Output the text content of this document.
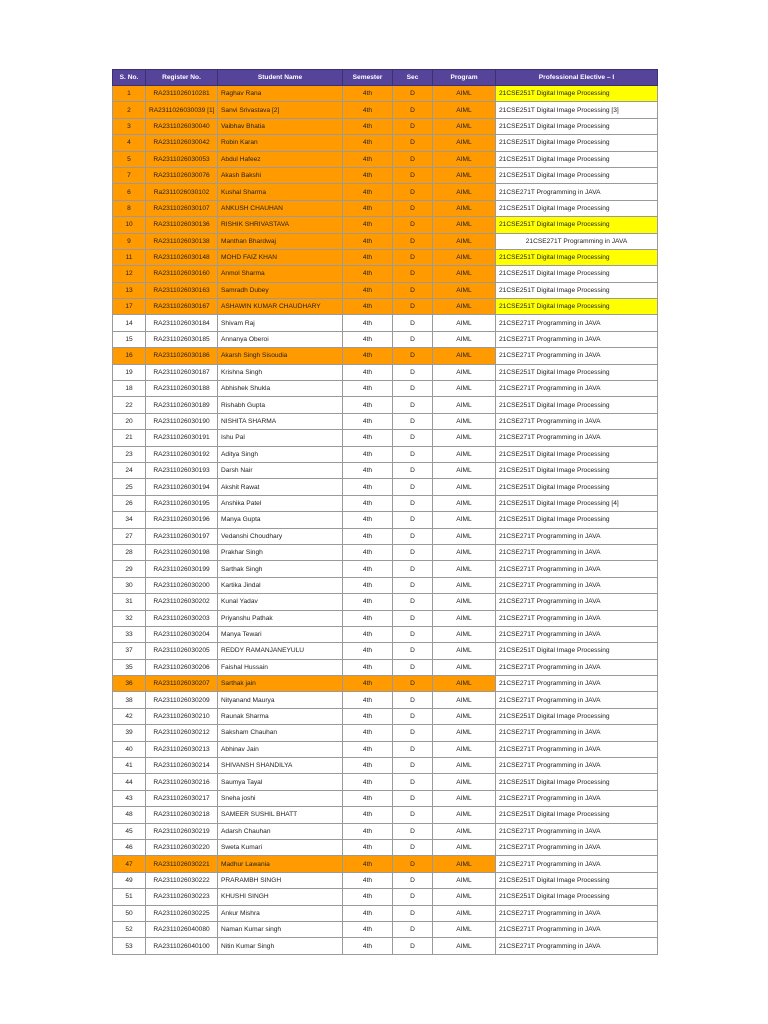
S. No.	Register No.	Student Name	Semester	Sec	Program	Professional Elective – I
1	RA2311026010281	Raghav Rana	4th	D	AIML	21CSE251T Digital Image Processing
2	RA2311026030039 [1]	Sanvi Srivastava [2]	4th	D	AIML	21CSE251T Digital Image Processing [3]
3	RA2311026030040	Vaibhav Bhatia	4th	D	AIML	21CSE251T Digital Image Processing
4	RA2311026030042	Robin Karan	4th	D	AIML	21CSE251T Digital Image Processing
5	RA2311026030053	Abdul Hafeez	4th	D	AIML	21CSE251T Digital Image Processing
7	RA2311026030076	Akash Bakshi	4th	D	AIML	21CSE251T Digital Image Processing
6	Ra2311026030102	Kushal Sharma	4th	D	AIML	21CSE271T Programming in JAVA
8	RA2311026030107	ANKUSH CHAUHAN	4th	D	AIML	21CSE251T Digital Image Processing
10	RA2311026030136	RISHIK SHRIVASTAVA	4th	D	AIML	21CSE251T Digital Image Processing
9	RA2311026030138	Manthan Bhardwaj	4th	D	AIML	21CSE271T Programming in JAVA
11	RA2311026030148	MOHD FAIZ KHAN	4th	D	AIML	21CSE251T Digital Image Processing
12	RA2311026030160	Anmol Sharma	4th	D	AIML	21CSE251T Digital Image Processing
13	RA2311026030163	Samradh Dubey	4th	D	AIML	21CSE251T Digital Image Processing
17	RA2311026030167	ASHAWIN KUMAR CHAUDHARY	4th	D	AIML	21CSE251T Digital Image Processing
14	RA2311026030184	Shivam Raj	4th	D	AIML	21CSE271T Programming in JAVA
15	RA2311026030185	Annanya Oberoi	4th	D	AIML	21CSE271T Programming in JAVA
16	RA2311026030186	Akarsh Singh Sisoudia	4th	D	AIML	21CSE271T Programming in JAVA
19	RA2311026030187	Krishna Singh	4th	D	AIML	21CSE251T Digital Image Processing
18	RA2311026030188	Abhishek Shukla	4th	D	AIML	21CSE271T Programming in JAVA
22	RA2311026030189	Rishabh Gupta	4th	D	AIML	21CSE251T Digital Image Processing
20	RA2311026030190	NISHITA SHARMA	4th	D	AIML	21CSE271T Programming in JAVA
21	RA2311026030191	Ishu Pal	4th	D	AIML	21CSE271T Programming in JAVA
23	RA2311026030192	Aditya Singh	4th	D	AIML	21CSE251T Digital Image Processing
24	RA2311026030193	Darsh Nair	4th	D	AIML	21CSE251T Digital Image Processing
25	RA2311026030194	Akshit Rawat	4th	D	AIML	21CSE251T Digital Image Processing
26	RA2311026030195	Anshika Patel	4th	D	AIML	21CSE251T Digital Image Processing [4]
34	RA2311026030196	Manya Gupta	4th	D	AIML	21CSE251T Digital Image Processing
27	RA2311026030197	Vedanshi Choudhary	4th	D	AIML	21CSE271T Programming in JAVA
28	RA2311026030198	Prakhar Singh	4th	D	AIML	21CSE271T Programming in JAVA
29	RA2311026030199	Sarthak Singh	4th	D	AIML	21CSE271T Programming in JAVA
30	RA2311026030200	Kartika Jindal	4th	D	AIML	21CSE271T Programming in JAVA
31	RA2311026030202	Kunal Yadav	4th	D	AIML	21CSE271T Programming in JAVA
32	RA2311026030203	Priyanshu Pathak	4th	D	AIML	21CSE271T Programming in JAVA
33	RA2311026030204	Manya Tewari	4th	D	AIML	21CSE271T Programming in JAVA
37	RA2311026030205	REDDY RAMANJANEYULU	4th	D	AIML	21CSE251T Digital Image Processing
35	RA2311026030206	Faishal Hussain	4th	D	AIML	21CSE271T Programming in JAVA
36	RA2311026030207	Sarthak jain	4th	D	AIML	21CSE271T Programming in JAVA
38	RA2311026030209	Nityanand Maurya	4th	D	AIML	21CSE271T Programming in JAVA
42	RA2311026030210	Raunak Sharma	4th	D	AIML	21CSE251T Digital Image Processing
39	RA2311026030212	Saksham Chauhan	4th	D	AIML	21CSE271T Programming in JAVA
40	RA2311026030213	Abhinav Jain	4th	D	AIML	21CSE271T Programming in JAVA
41	RA2311026030214	SHIVANSH SHANDILYA	4th	D	AIML	21CSE271T Programming in JAVA
44	RA2311026030216	Saumya Tayal	4th	D	AIML	21CSE251T Digital Image Processing
43	RA2311026030217	Sneha joshi	4th	D	AIML	21CSE271T Programming in JAVA
48	RA2311026030218	SAMEER SUSHIL BHATT	4th	D	AIML	21CSE251T Digital Image Processing
45	RA2311026030219	Adarsh Chauhan	4th	D	AIML	21CSE271T Programming in JAVA
46	RA2311026030220	Sweta Kumari	4th	D	AIML	21CSE271T Programming in JAVA
47	RA2311026030221	Madhur Lawania	4th	D	AIML	21CSE271T Programming in JAVA
49	RA2311026030222	PRARAMBH SINGH	4th	D	AIML	21CSE251T Digital Image Processing
51	RA2311026030223	KHUSHI SINGH	4th	D	AIML	21CSE251T Digital Image Processing
50	RA2311026030225	Ankur Mishra	4th	D	AIML	21CSE271T Programming in JAVA
52	RA2311026040080	Naman Kumar singh	4th	D	AIML	21CSE271T Programming in JAVA
53	RA2311026040100	Nitin Kumar Singh	4th	D	AIML	21CSE271T Programming in JAVA
